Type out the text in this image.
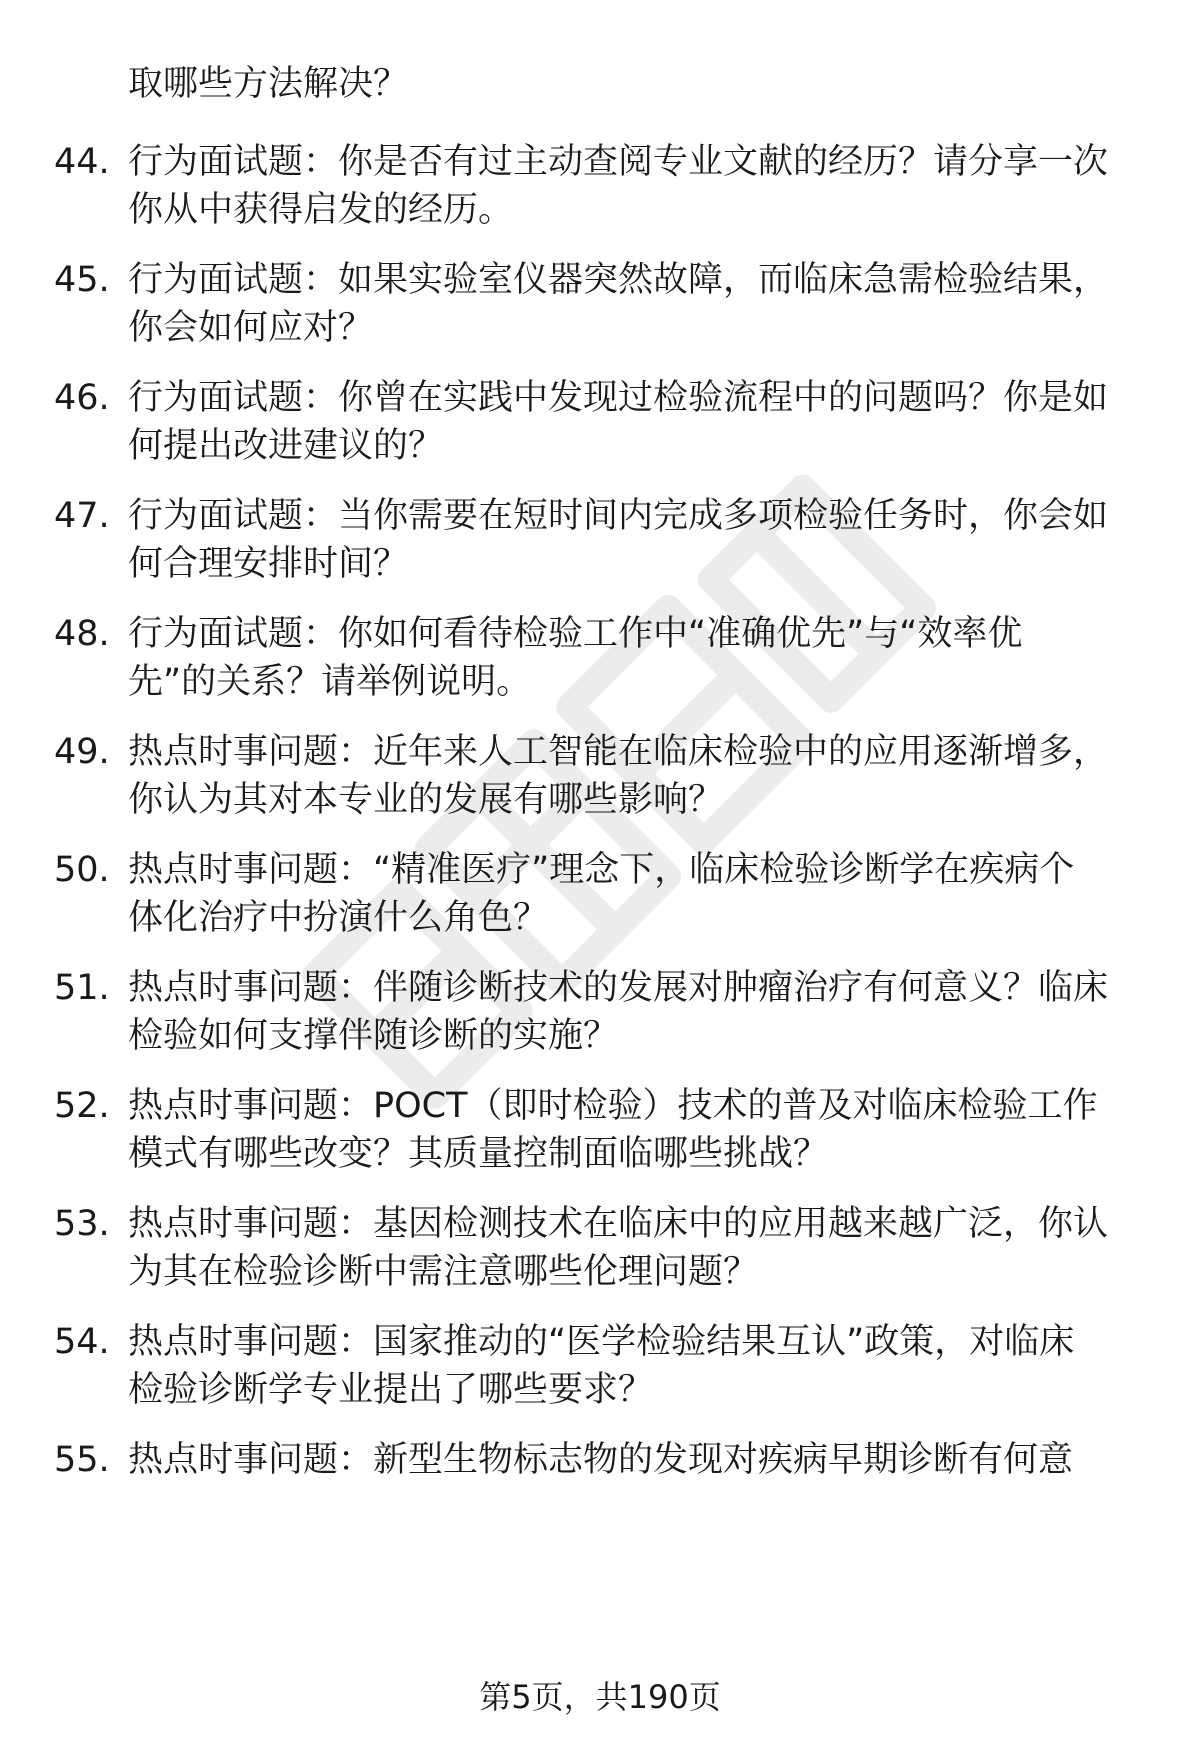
取哪些方法解决？
44. 行为面试题：你是否有过主动查阅专业文献的经历？请分享一次
你从中获得启发的经历。
45. 行为面试题：如果实验室仪器突然故障，而临床急需检验结果，
你会如何应对？
46. 行为面试题：你曾在实践中发现过检验流程中的问题吗？你是如
何提出改进建议的？
47. 行为面试题：当你需要在短时间内完成多项检验任务时，你会如
何合理安排时间？
48. 行为面试题：你如何看待检验工作中“准确优先”与“效率优
先”的关系？请举例说明。
49. 热点时事问题：近年来人工智能在临床检验中的应用逐渐增多，
你认为其对本专业的发展有哪些影响？
50. 热点时事问题：“精准医疗”理念下，临床检验诊断学在疾病个
体化治疗中扮演什么角色？
51. 热点时事问题：伴随诊断技术的发展对肿瘤治疗有何意义？临床
检验如何支撑伴随诊断的实施？
52. 热点时事问题：POCT（即时检验）技术的普及对临床检验工作
模式有哪些改变？其质量控制面临哪些挑战？
53. 热点时事问题：基因检测技术在临床中的应用越来越广泛，你认
为其在检验诊断中需注意哪些伦理问题？
54. 热点时事问题：国家推动的“医学检验结果互认”政策，对临床
检验诊断学专业提出了哪些要求？
55. 热点时事问题：新型生物标志物的发现对疾病早期诊断有何意
第5页，共190页
